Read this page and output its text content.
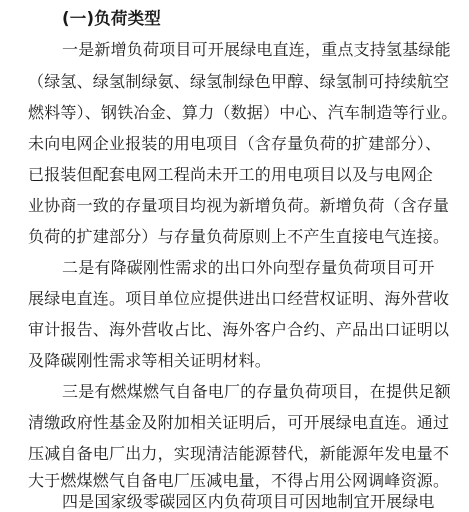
(一)负荷类型
一是新增负荷项目可开展绿电直连，重点支持氢基绿能
（绿氢、绿氢制绿氨、绿氢制绿色甲醇、绿氢制可持续航空
燃料等）、钢铁冶金、算力（数据）中心、汽车制造等行业。
未向电网企业报装的用电项目（含存量负荷的扩建部分）、
已报装但配套电网工程尚未开工的用电项目以及与电网企
业协商一致的存量项目均视为新增负荷。新增负荷（含存量
负荷的扩建部分）与存量负荷原则上不产生直接电气连接。
二是有降碳刚性需求的出口外向型存量负荷项目可开
展绿电直连。项目单位应提供进出口经营权证明、海外营收
审计报告、海外营收占比、海外客户合约、产品出口证明以
及降碳刚性需求等相关证明材料。
三是有燃煤燃气自备电厂的存量负荷项目，在提供足额
清缴政府性基金及附加相关证明后，可开展绿电直连。通过
压减自备电厂出力，实现清洁能源替代，新能源年发电量不
大于燃煤燃气自备电厂压减电量，不得占用公网调峰资源。
四是国家级零碳园区内负荷项目可因地制宜开展绿电
